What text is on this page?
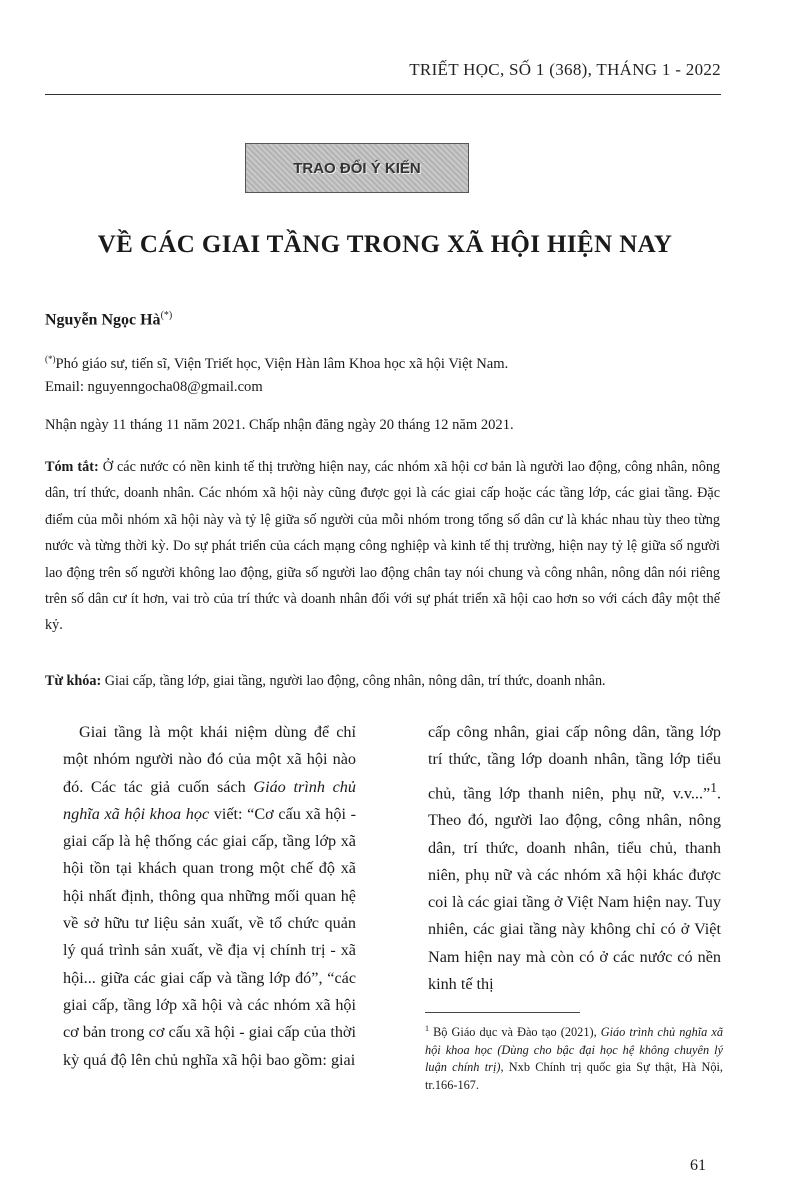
TRIẾT HỌC, SỐ 1 (368), THÁNG 1 - 2022
TRAO ĐỔI Ý KIẾN
VỀ CÁC GIAI TẦNG TRONG XÃ HỘI HIỆN NAY
Nguyễn Ngọc Hà(*)
(*)Phó giáo sư, tiến sĩ, Viện Triết học, Viện Hàn lâm Khoa học xã hội Việt Nam.
Email: nguyenngocha08@gmail.com
Nhận ngày 11 tháng 11 năm 2021. Chấp nhận đăng ngày 20 tháng 12 năm 2021.
Tóm tắt: Ở các nước có nền kinh tế thị trường hiện nay, các nhóm xã hội cơ bản là người lao động, công nhân, nông dân, trí thức, doanh nhân. Các nhóm xã hội này cũng được gọi là các giai cấp hoặc các tầng lớp, các giai tầng. Đặc điểm của mỗi nhóm xã hội này và tỷ lệ giữa số người của mỗi nhóm trong tổng số dân cư là khác nhau tùy theo từng nước và từng thời kỳ. Do sự phát triển của cách mạng công nghiệp và kinh tế thị trường, hiện nay tỷ lệ giữa số người lao động trên số người không lao động, giữa số người lao động chân tay nói chung và công nhân, nông dân nói riêng trên số dân cư ít hơn, vai trò của trí thức và doanh nhân đối với sự phát triển xã hội cao hơn so với cách đây một thế kỷ.
Từ khóa: Giai cấp, tầng lớp, giai tầng, người lao động, công nhân, nông dân, trí thức, doanh nhân.

Giai tầng là một khái niệm dùng để chỉ một nhóm người nào đó của một xã hội nào đó. Các tác giả cuốn sách Giáo trình chủ nghĩa xã hội khoa học viết: “Cơ cấu xã hội - giai cấp là hệ thống các giai cấp, tầng lớp xã hội tồn tại khách quan trong một chế độ xã hội nhất định, thông qua những mối quan hệ về sở hữu tư liệu sản xuất, về tổ chức quản lý quá trình sản xuất, về địa vị chính trị - xã hội... giữa các giai cấp và tầng lớp đó”, “các giai cấp, tầng lớp xã hội và các nhóm xã hội cơ bản trong cơ cấu xã hội - giai cấp của thời kỳ quá độ lên chủ nghĩa xã hội bao gồm: giai

cấp công nhân, giai cấp nông dân, tầng lớp trí thức, tầng lớp doanh nhân, tầng lớp tiểu chủ, tầng lớp thanh niên, phụ nữ, v.v...”$^1$. Theo đó, người lao động, công nhân, nông dân, trí thức, doanh nhân, tiểu chủ, thanh niên, phụ nữ và các nhóm xã hội khác được coi là các giai tầng ở Việt Nam hiện nay. Tuy nhiên, các giai tầng này không chỉ có ở Việt Nam hiện nay mà còn có ở các nước có nền kinh tế thị

$^1$ Bộ Giáo dục và Đào tạo (2021), Giáo trình chủ nghĩa xã hội khoa học (Dùng cho bậc đại học hệ không chuyên lý luận chính trị), Nxb Chính trị quốc gia Sự thật, Hà Nội, tr.166-167.
61
